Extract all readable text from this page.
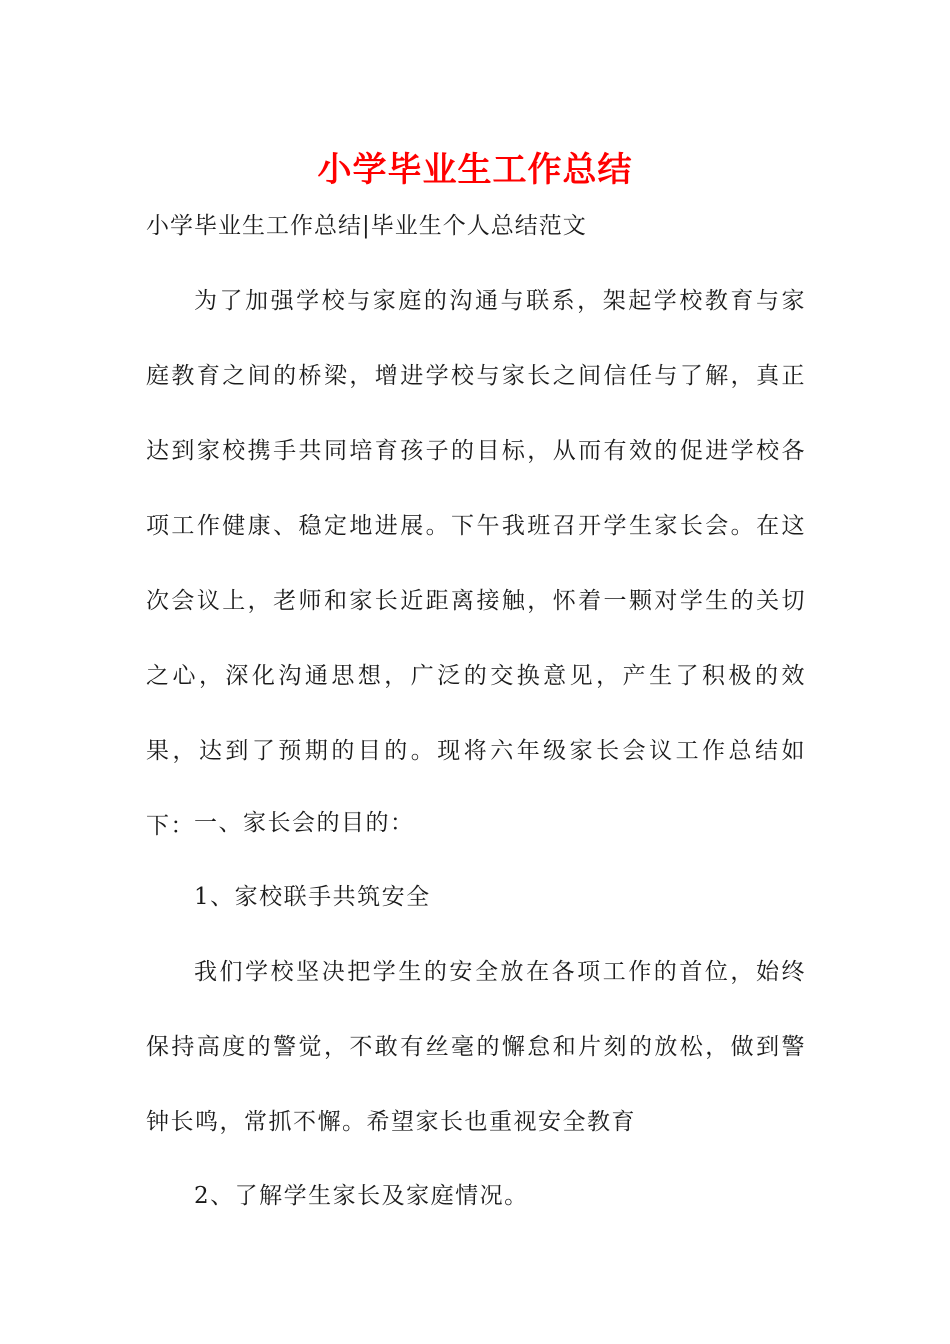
小学毕业生工作总结
小学毕业生工作总结|毕业生个人总结范文

为了加强学校与家庭的沟通与联系，架起学校教育与家庭教育之间的桥梁，增进学校与家长之间信任与了解，真正达到家校携手共同培育孩子的目标，从而有效的促进学校各项工作健康、稳定地进展。下午我班召开学生家长会。在这次会议上，老师和家长近距离接触，怀着一颗对学生的关切之心，深化沟通思想，广泛的交换意见，产生了积极的效果，达到了预期的目的。现将六年级家长会议工作总结如下： 一、家长会的目的：

1、家校联手共筑安全

我们学校坚决把学生的安全放在各项工作的首位，始终保持高度的警觉，不敢有丝毫的懈怠和片刻的放松，做到警钟长鸣，常抓不懈。希望家长也重视安全教育

2、了解学生家长及家庭情况。
